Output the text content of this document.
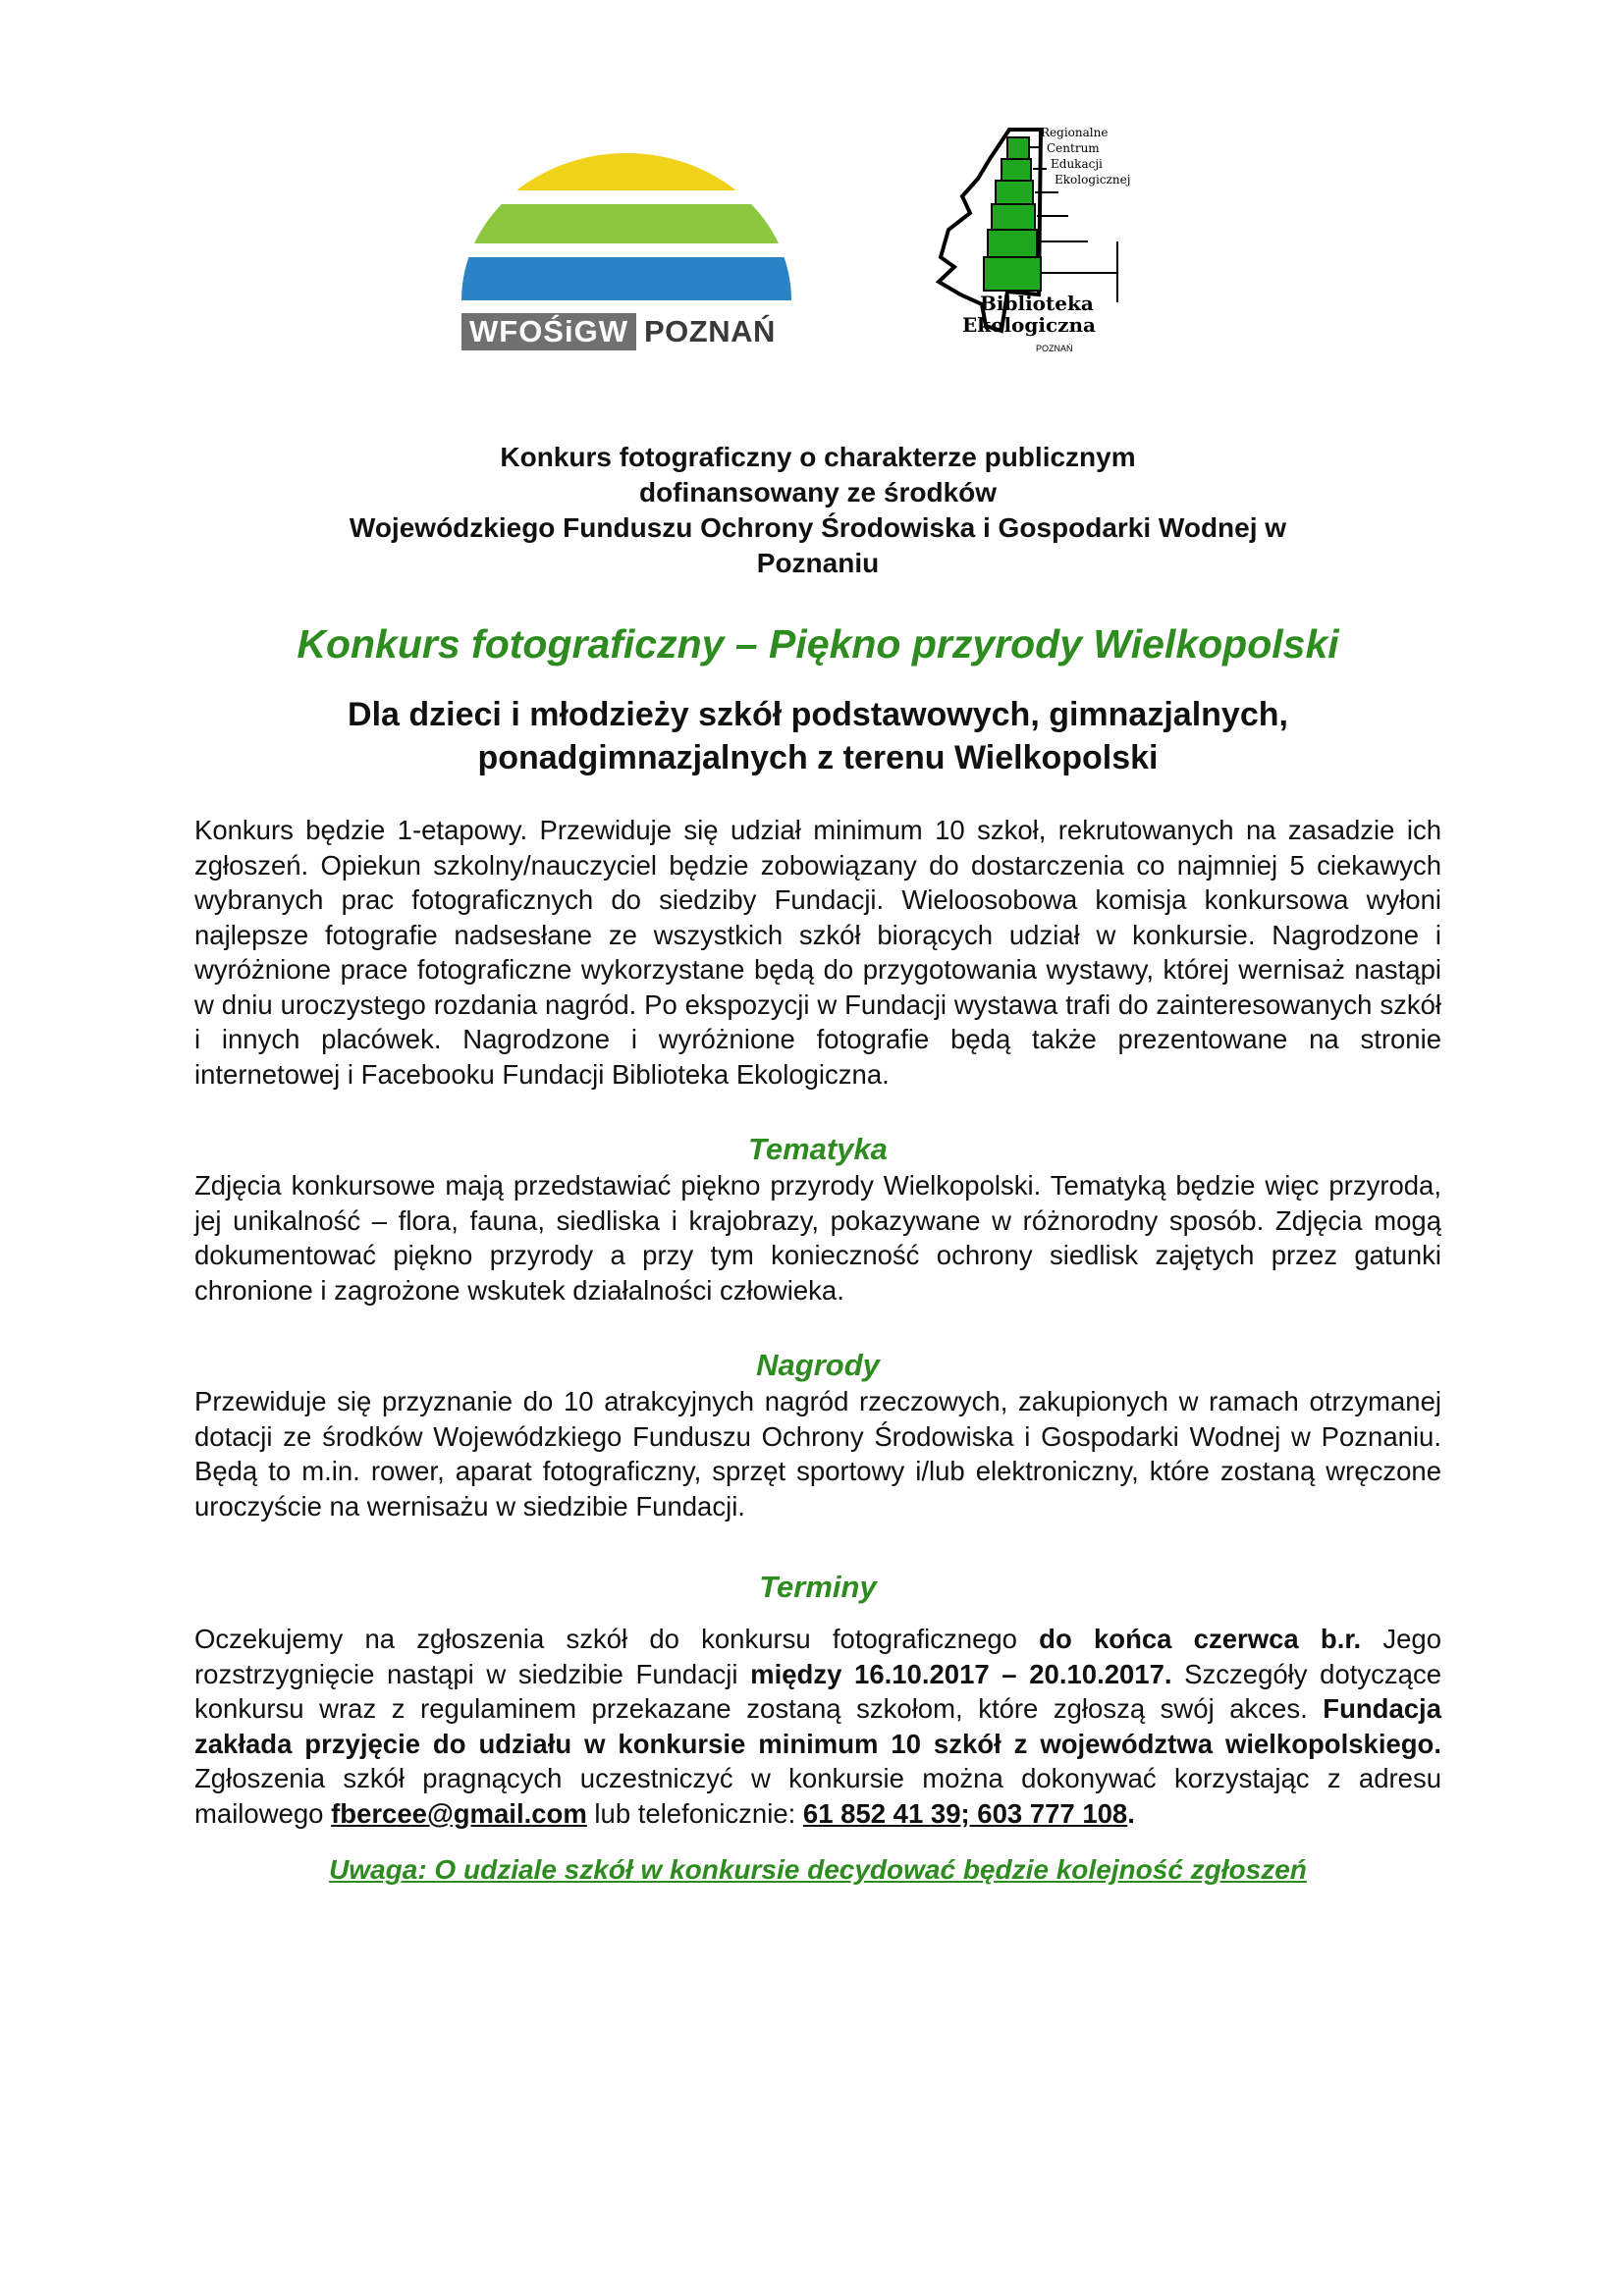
WFOŚiGW POZNAŃ
Regionalne
Centrum
Edukacji
Ekologicznej
Biblioteka
Ekologiczna
POZNAŃ
Konkurs fotograficzny o charakterze publicznym
dofinansowany ze środków
Wojewódzkiego Funduszu Ochrony Środowiska i Gospodarki Wodnej w
Poznaniu
Konkurs fotograficzny – Piękno przyrody Wielkopolski
Dla dzieci i młodzieży szkół podstawowych, gimnazjalnych,
ponadgimnazjalnych z terenu Wielkopolski

Konkurs będzie 1-etapowy. Przewiduje się udział minimum 10 szkoł, rekrutowanych na zasadzie ich zgłoszeń. Opiekun szkolny/nauczyciel będzie zobowiązany do dostarczenia co najmniej 5 ciekawych wybranych prac fotograficznych do siedziby Fundacji. Wieloosobowa komisja konkursowa wyłoni najlepsze fotografie nadsesłane ze wszystkich szkół biorących udział w konkursie. Nagrodzone i wyróżnione prace fotograficzne wykorzystane będą do przygotowania wystawy, której wernisaż nastąpi w dniu uroczystego rozdania nagród. Po ekspozycji w Fundacji wystawa trafi do zainteresowanych szkół i innych placówek. Nagrodzone i wyróżnione fotografie będą także prezentowane na stronie internetowej i Facebooku Fundacji Biblioteka Ekologiczna.

Tematyka

Zdjęcia konkursowe mają przedstawiać piękno przyrody Wielkopolski. Tematyką będzie więc przyroda, jej unikalność – flora, fauna, siedliska i krajobrazy, pokazywane w różnorodny sposób. Zdjęcia mogą dokumentować piękno przyrody a przy tym konieczność ochrony siedlisk zajętych przez gatunki chronione i zagrożone wskutek działalności człowieka.

Nagrody

Przewiduje się przyznanie do 10 atrakcyjnych nagród rzeczowych, zakupionych w ramach otrzymanej dotacji ze środków Wojewódzkiego Funduszu Ochrony Środowiska i Gospodarki Wodnej w Poznaniu. Będą to m.in. rower, aparat fotograficzny, sprzęt sportowy i/lub elektroniczny, które zostaną wręczone uroczyście na wernisażu w siedzibie Fundacji.

Terminy

Oczekujemy na zgłoszenia szkół do konkursu fotograficznego do końca czerwca b.r. Jego rozstrzygnięcie nastąpi w siedzibie Fundacji między 16.10.2017 – 20.10.2017. Szczegóły dotyczące konkursu wraz z regulaminem przekazane zostaną szkołom, które zgłoszą swój akces. Fundacja zakłada przyjęcie do udziału w konkursie minimum 10 szkół z województwa wielkopolskiego. Zgłoszenia szkół pragnących uczestniczyć w konkursie można dokonywać korzystając z adresu mailowego fbercee@gmail.com lub telefonicznie: 61 852 41 39; 603 777 108.

Uwaga: O udziale szkół w konkursie decydować będzie kolejność zgłoszeń
